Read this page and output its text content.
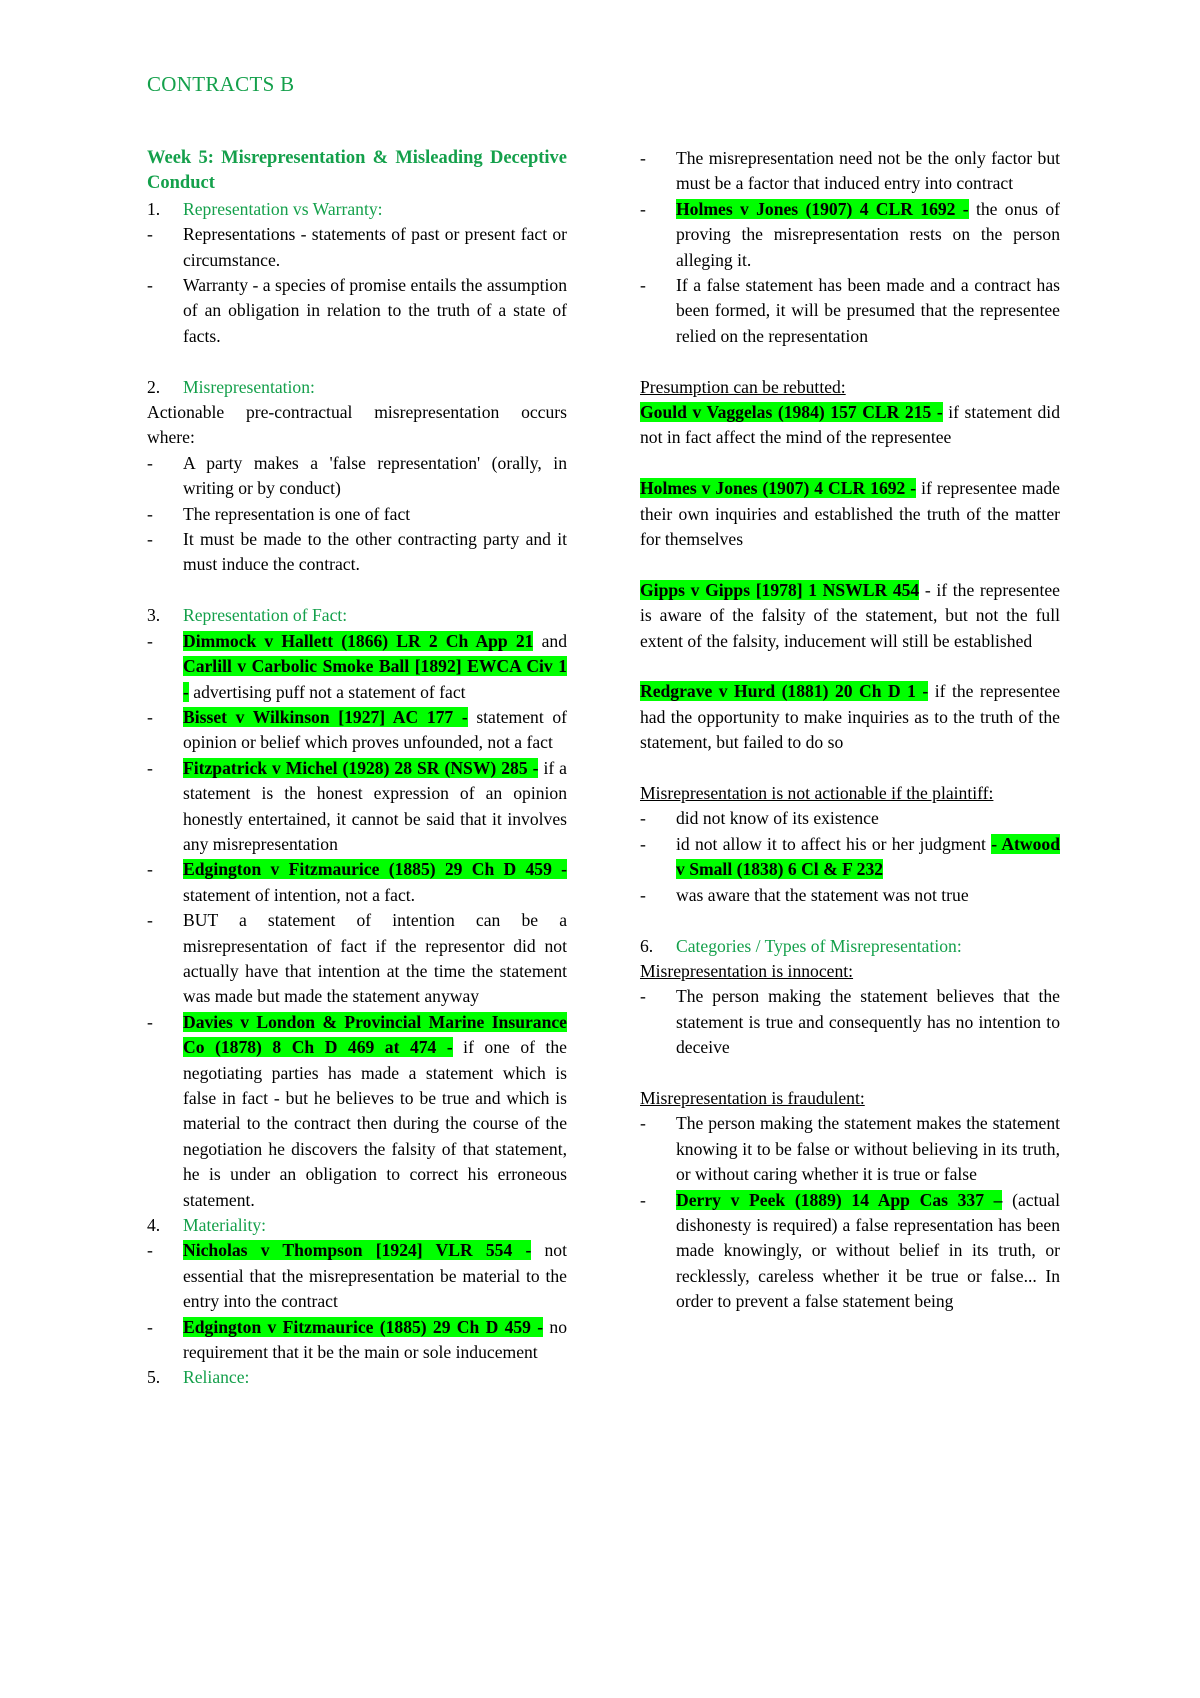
CONTRACTS B

Week 5: Misrepresentation & Misleading Deceptive Conduct

1. Representation vs Warranty:
- Representations - statements of past or present fact or circumstance.
- Warranty - a species of promise entails the assumption of an obligation in relation to the truth of a state of facts.
2. Misrepresentation:

Actionable pre-contractual misrepresentation occurs where:

- A party makes a 'false representation' (orally, in writing or by conduct)
- The representation is one of fact
- It must be made to the other contracting party and it must induce the contract.
3. Representation of Fact:
- Dimmock v Hallett (1866) LR 2 Ch App 21 and Carlill v Carbolic Smoke Ball [1892] EWCA Civ 1 - advertising puff not a statement of fact
- Bisset v Wilkinson [1927] AC 177 - statement of opinion or belief which proves unfounded, not a fact
- Fitzpatrick v Michel (1928) 28 SR (NSW) 285 - if a statement is the honest expression of an opinion honestly entertained, it cannot be said that it involves any misrepresentation
- Edgington v Fitzmaurice (1885) 29 Ch D 459 - statement of intention, not a fact.
- BUT a statement of intention can be a misrepresentation of fact if the representor did not actually have that intention at the time the statement was made but made the statement anyway
- Davies v London & Provincial Marine Insurance Co (1878) 8 Ch D 469 at 474 - if one of the negotiating parties has made a statement which is false in fact - but he believes to be true and which is material to the contract then during the course of the negotiation he discovers the falsity of that statement, he is under an obligation to correct his erroneous statement.
4. Materiality:
- Nicholas v Thompson [1924] VLR 554 - not essential that the misrepresentation be material to the entry into the contract
- Edgington v Fitzmaurice (1885) 29 Ch D 459 - no requirement that it be the main or sole inducement
5. Reliance:
- The misrepresentation need not be the only factor but must be a factor that induced entry into contract
- Holmes v Jones (1907) 4 CLR 1692 - the onus of proving the misrepresentation rests on the person alleging it.
- If a false statement has been made and a contract has been formed, it will be presumed that the representee relied on the representation

Presumption can be rebutted:

Gould v Vaggelas (1984) 157 CLR 215 - if statement did not in fact affect the mind of the representee

Holmes v Jones (1907) 4 CLR 1692 - if representee made their own inquiries and established the truth of the matter for themselves

Gipps v Gipps [1978] 1 NSWLR 454 - if the representee is aware of the falsity of the statement, but not the full extent of the falsity, inducement will still be established

Redgrave v Hurd (1881) 20 Ch D 1 - if the representee had the opportunity to make inquiries as to the truth of the statement, but failed to do so

Misrepresentation is not actionable if the plaintiff:

- did not know of its existence
- id not allow it to affect his or her judgment - Atwood v Small (1838) 6 Cl & F 232
- was aware that the statement was not true
6. Categories / Types of Misrepresentation:

Misrepresentation is innocent:

- The person making the statement believes that the statement is true and consequently has no intention to deceive

Misrepresentation is fraudulent:

- The person making the statement makes the statement knowing it to be false or without believing in its truth, or without caring whether it is true or false
- Derry v Peek (1889) 14 App Cas 337 – (actual dishonesty is required) a false representation has been made knowingly, or without belief in its truth, or recklessly, careless whether it be true or false... In order to prevent a false statement being
